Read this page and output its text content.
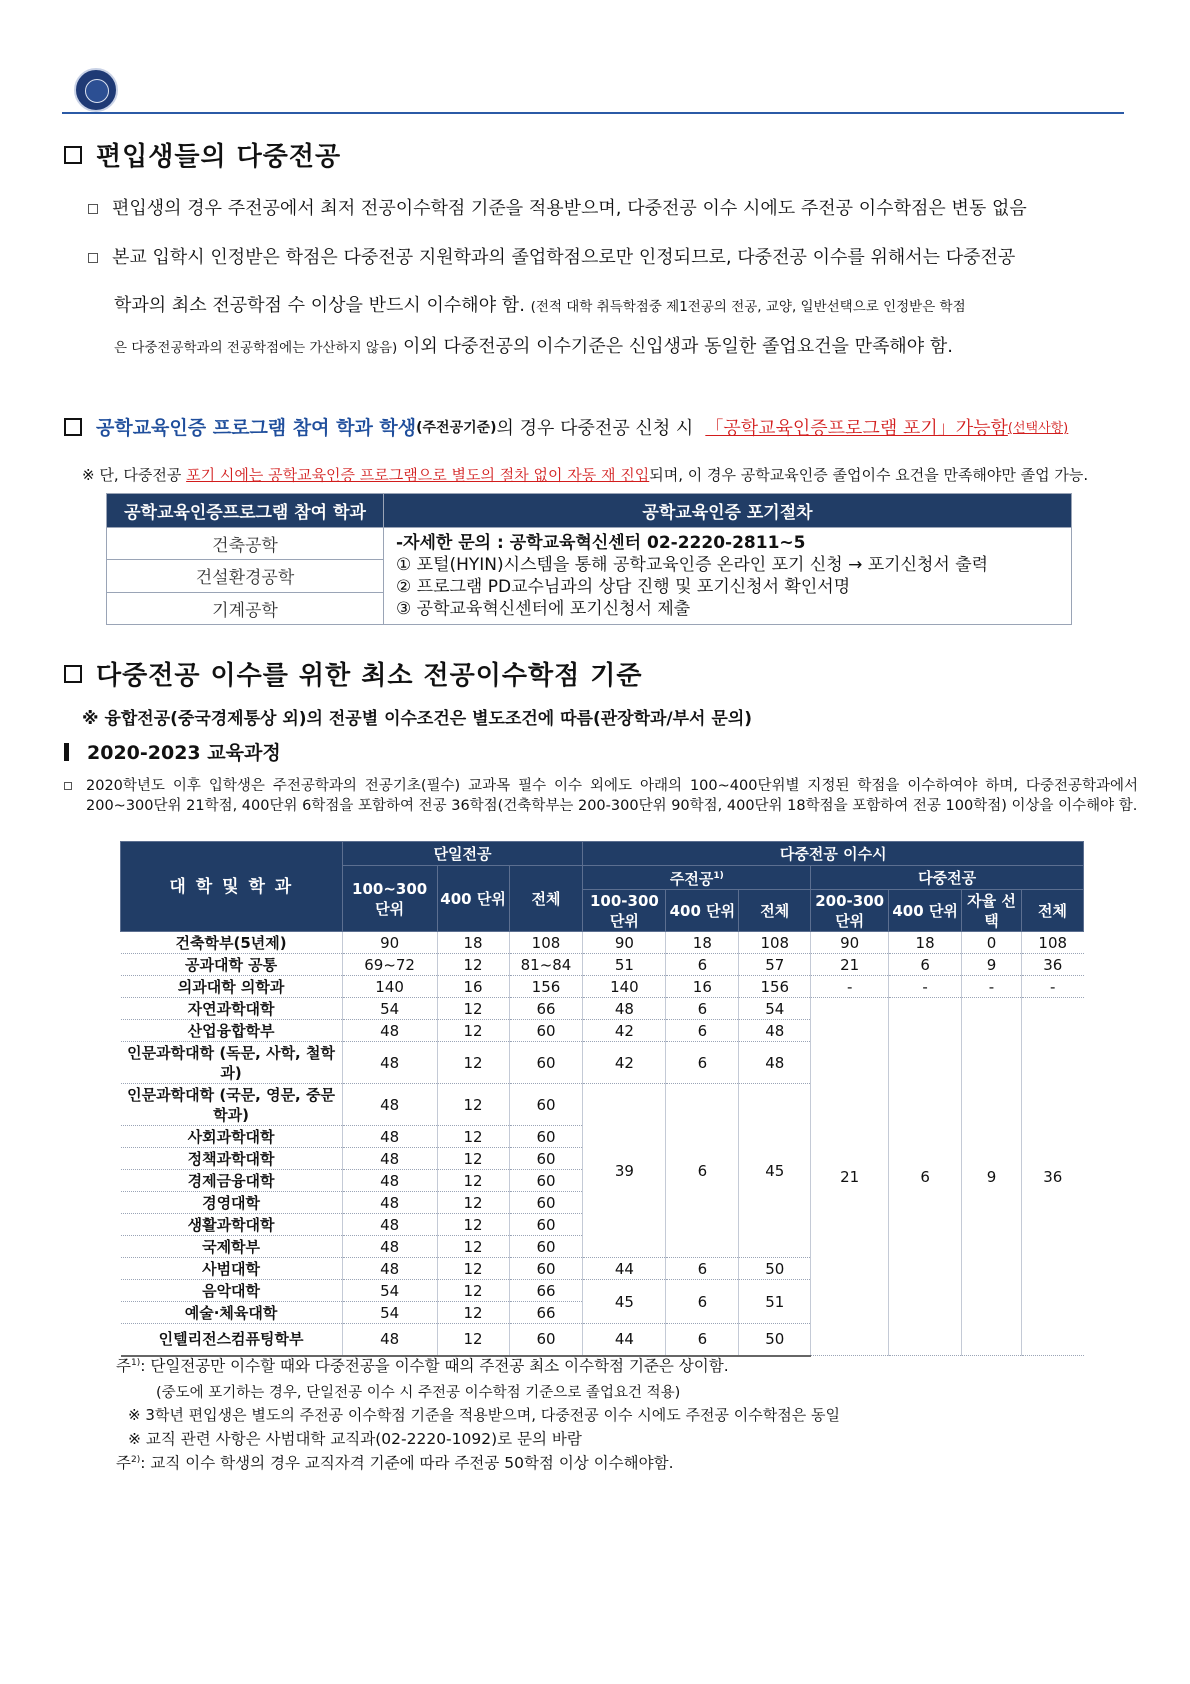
편입생들의 다중전공
편입생의 경우 주전공에서 최저 전공이수학점 기준을 적용받으며, 다중전공 이수 시에도 주전공 이수학점은 변동 없음
본교 입학시 인정받은 학점은 다중전공 지원학과의 졸업학점으로만 인정되므로, 다중전공 이수를 위해서는 다중전공
학과의 최소 전공학점 수 이상을 반드시 이수해야 함. (전적 대학 취득학점중 제1전공의 전공, 교양, 일반선택으로 인정받은 학점
은 다중전공학과의 전공학점에는 가산하지 않음) 이외 다중전공의 이수기준은 신입생과 동일한 졸업요건을 만족해야 함.
공학교육인증 프로그램 참여 학과 학생 (주전공기준) 의 경우 다중전공 신청 시 「공학교육인증프로그램 포기」가능함 (선택사항)
※ 단, 다중전공 포기 시에는 공학교육인증 프로그램으로 별도의 절차 없이 자동 재 진입되며, 이 경우 공학교육인증 졸업이수 요건을 만족해야만 졸업 가능.
공학교육인증프로그램 참여 학과	공학교육인증 포기절차
건축공학	-자세한 문의 : 공학교육혁신센터 02-2220-2811~5
① 포털(HYIN)시스템을 통해 공학교육인증 온라인 포기 신청 → 포기신청서 출력
② 프로그램 PD교수님과의 상담 진행 및 포기신청서 확인서명
③ 공학교육혁신센터에 포기신청서 제출

건설환경공학	
기계공학	
다중전공 이수를 위한 최소 전공이수학점 기준
※ 융합전공(중국경제통상 외)의 전공별 이수조건은 별도조건에 따름(관장학과/부서 문의)
2020-2023 교육과정
2020학년도 이후 입학생은 주전공학과의 전공기초(필수) 교과목 필수 이수 외에도 아래의 100~400단위별 지정된 학점을 이수하여야 하며, 다중전공학과에서 200~300단위 21학점, 400단위 6학점을 포함하여 전공 36학점(건축학부는 200-300단위 90학점, 400단위 18학점을 포함하여 전공 100학점) 이상을 이수해야 함.
대 학 및 학 과	단일전공			다중전공 이수시						
	100~300 단위	400 단위	전체	주전공$^{1)}$			다중전공			
				100-300 단위	400 단위	전체	200-300 단위	400 단위	자율 선택	전체
건축학부(5년제)	90	18	108	90	18	108	90	18	0	108
공과대학 공통	69~72	12	81~84	51	6	57	21	6	9	36
의과대학 의학과	140	16	156	140	16	156	-	-	-	-
자연과학대학	54	12	66	48	6	54	21	6	9	36
산업융합학부	48	12	60	42	6	48				
인문과학대학 (독문, 사학, 철학과)	48	12	60	42	6	48				
인문과학대학 (국문, 영문, 중문학과)	48	12	60	39	6	45				
사회과학대학	48	12	60							
정책과학대학	48	12	60							
경제금융대학	48	12	60							
경영대학	48	12	60							
생활과학대학	48	12	60							
국제학부	48	12	60							
사범대학	48	12	60	44	6	50				
음악대학	54	12	66	45	6	51				
예술·체육대학	54	12	66							
인텔리전스컴퓨팅학부	48	12	60	44	6	50				
주$^{1)}$: 단일전공만 이수할 때와 다중전공을 이수할 때의 주전공 최소 이수학점 기준은 상이함.
(중도에 포기하는 경우, 단일전공 이수 시 주전공 이수학점 기준으로 졸업요건 적용)
※ 3학년 편입생은 별도의 주전공 이수학점 기준을 적용받으며, 다중전공 이수 시에도 주전공 이수학점은 동일
※ 교직 관련 사항은 사범대학 교직과(02-2220-1092)로 문의 바람
주$^{2)}$: 교직 이수 학생의 경우 교직자격 기준에 따라 주전공 50학점 이상 이수해야함.
